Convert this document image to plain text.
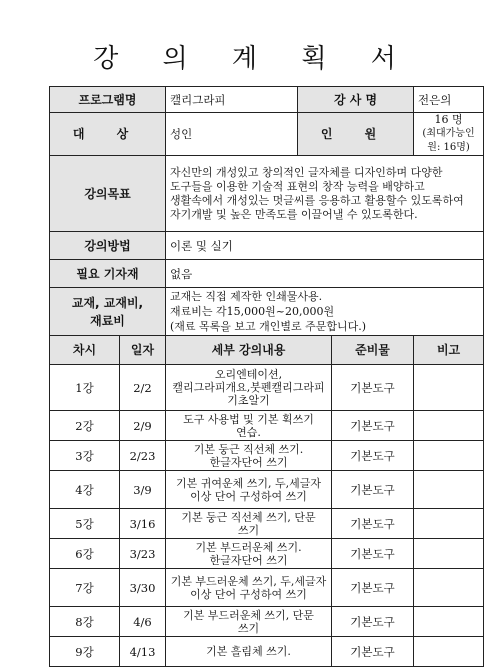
강 의 계 획 서
프로그램명		캘리그라피	강 사 명		전은의
대 상		성인	인 원		16 명
(최대가능인원: 16명)

강의목표		자신만의 개성있고 창의적인 글자체를 디자인하며 다양한
도구들을 이용한 기술적 표현의 창작 능력을 배양하고
생활속에서 개성있는 멋글씨를 응용하고 활용할수 있도록하여
자기개발 및 높은 만족도를 이끌어낼 수 있도록한다.			

강의방법		이론 및 실기			
필요 기자재		없음			

교재, 교재비,
재료비		교재는 직접 제작한 인쇄물사용.
재료비는 각15,000원~20,000원
(재료 목록을 보고 개인별로 주문합니다.)			

차시	일자	세부 강의내용		준비물	비고
1강	2/2	오리엔테이션,
캘리그라피개요,붓펜캘리그라피
기초알기		기본도구	
2강	2/9	도구 사용법 및 기본 획쓰기
연습.		기본도구	
3강	2/23	기본 둥근 직선체 쓰기.
한글자단어 쓰기		기본도구	
4강	3/9	기본 귀여운체 쓰기, 두,세글자
이상 단어 구성하여 쓰기		기본도구	
5강	3/16	기본 둥근 직선체 쓰기, 단문
쓰기		기본도구	
6강	3/23	기본 부드러운체 쓰기.
한글자단어 쓰기		기본도구	
7강	3/30	기본 부드러운체 쓰기, 두,세글자
이상 단어 구성하여 쓰기		기본도구	
8강	4/6	기본 부드러운체 쓰기, 단문
쓰기		기본도구	
9강	4/13	기본 흘림체 쓰기.		기본도구	
